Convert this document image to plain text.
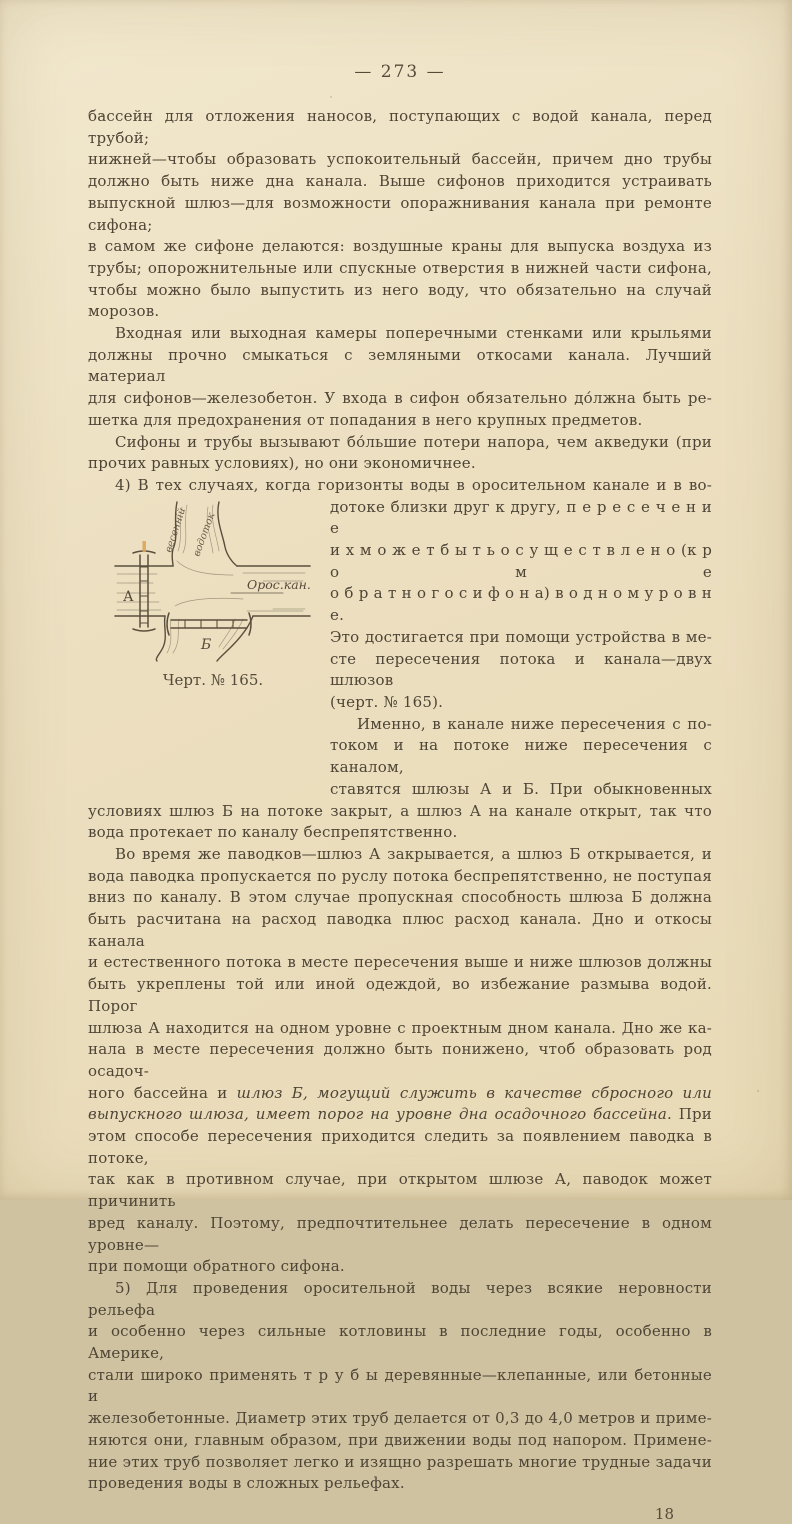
— 273 —
бассейн для отложения наносов, поступающих с водой канала, перед трубой;
нижней—чтобы образовать успокоительный бассейн, причем дно трубы
должно быть ниже дна канала. Выше сифонов приходится устраивать
выпускной шлюз—для возможности опоражнивания канала при ремонте сифона;
в самом же сифоне делаются: воздушные краны для выпуска воздуха из
трубы; опорожнительные или спускные отверстия в нижней части сифона,
чтобы можно было выпустить из него воду, что обязательно на случай морозов.
Входная или выходная камеры поперечными стенками или крыльями
должны прочно смыкаться с земляными откосами канала. Лучший материал
для сифонов—железобетон. У входа в сифон обязательно до́лжна быть ре-
шетка для предохранения от попадания в него крупных предметов.
Сифоны и трубы вызывают бо́льшие потери напора, чем акведуки (при
прочих равных условиях), но они экономичнее.
4) В тех случаях, когда горизонты воды в оросительном канале и в во-
А
Б
Орос.кан.
весеннiй водоток
Черт. № 165.
дотоке близки друг к другу, п е р е с е ч е н и е
и х м о ж е т б ы т ь о с у щ е с т в л е н о (к р о м е
о б р а т н о г о с и ф о н а) в о д н о м у р о в н е.
Это достигается при помощи устройства в ме-
сте пересечения потока и канала—двух шлюзов
(черт. № 165).
Именно, в канале ниже пересечения с по-
током и на потоке ниже пересечения с каналом,
ставятся шлюзы А и Б. При обыкновенных
условиях шлюз Б на потоке закрыт, а шлюз А на канале открыт, так что
вода протекает по каналу беспрепятственно.
Во время же паводков—шлюз А закрывается, а шлюз Б открывается, и
вода паводка пропускается по руслу потока беспрепятственно, не поступая
вниз по каналу. В этом случае пропускная способность шлюза Б должна
быть расчитана на расход паводка плюс расход канала. Дно и откосы канала
и естественного потока в месте пересечения выше и ниже шлюзов должны
быть укреплены той или иной одеждой, во избежание размыва водой. Порог
шлюза А находится на одном уровне с проектным дном канала. Дно же ка-
нала в месте пересечения должно быть понижено, чтоб образовать род осадоч-
ного бассейна и шлюз Б, могущий служить в качестве сбросного или
выпускного шлюза, имеет порог на уровне дна осадочного бассейна. При
этом способе пересечения приходится следить за появлением паводка в потоке,
так как в противном случае, при открытом шлюзе А, паводок может причинить
вред каналу. Поэтому, предпочтительнее делать пересечение в одном уровне—
при помощи обратного сифона.
5) Для проведения оросительной воды через всякие неровности рельефа
и особенно через сильные котловины в последние годы, особенно в Америке,
стали широко применять т р у б ы деревянные—клепанные, или бетонные и
железобетонные. Диаметр этих труб делается от 0,3 до 4,0 метров и приме-
няются они, главным образом, при движении воды под напором. Примене-
ние этих труб позволяет легко и изящно разрешать многие трудные задачи
проведения воды в сложных рельефах.
18
